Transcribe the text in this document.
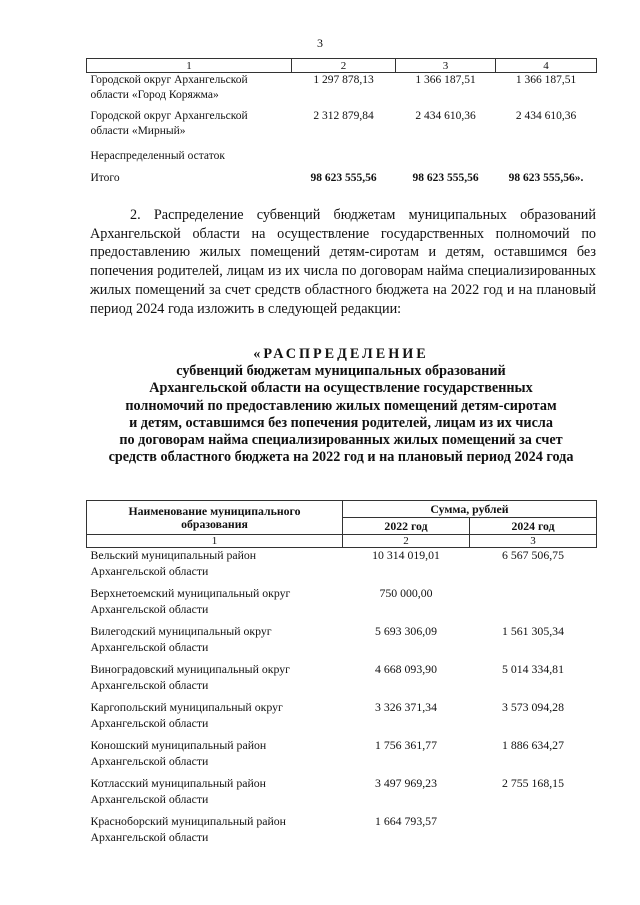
3
1	2	3	4
Городской округ Архангельской
области «Город Коряжма»	1 297 878,13	1 366 187,51	1 366 187,51
Городской округ Архангельской
области «Мирный»	2 312 879,84	2 434 610,36	2 434 610,36
Нераспределенный остаток			
Итого	98 623 555,56	98 623 555,56	98 623 555,56».
2. Распределение субвенций бюджетам муниципальных образований Архангельской области на осуществление государственных полномочий по предоставлению жилых помещений детям-сиротам и детям, оставшимся без попечения родителей, лицам из их числа по договорам найма специализированных жилых помещений за счет средств областного бюджета на 2022 год и на плановый период 2024 года изложить в следующей редакции:
«РАСПРЕДЕЛЕНИЕ
субвенций бюджетам муниципальных образований
Архангельской области на осуществление государственных
полномочий по предоставлению жилых помещений детям-сиротам
и детям, оставшимся без попечения родителей, лицам из их числа
по договорам найма специализированных жилых помещений за счет
средств областного бюджета на 2022 год и на плановый период 2024 года
Наименование муниципального
образования	Сумма, рублей	
	2022 год	2024 год
1	2	3
Вельский муниципальный район
Архангельской области	10 314 019,01	6 567 506,75
Верхнетоемский муниципальный округ
Архангельской области	750 000,00	
Вилегодский муниципальный округ
Архангельской области	5 693 306,09	1 561 305,34
Виноградовский муниципальный округ
Архангельской области	4 668 093,90	5 014 334,81
Каргопольский муниципальный округ
Архангельской области	3 326 371,34	3 573 094,28
Коношский муниципальный район
Архангельской области	1 756 361,77	1 886 634,27
Котласский муниципальный район
Архангельской области	3 497 969,23	2 755 168,15
Красноборский муниципальный район
Архангельской области	1 664 793,57	
